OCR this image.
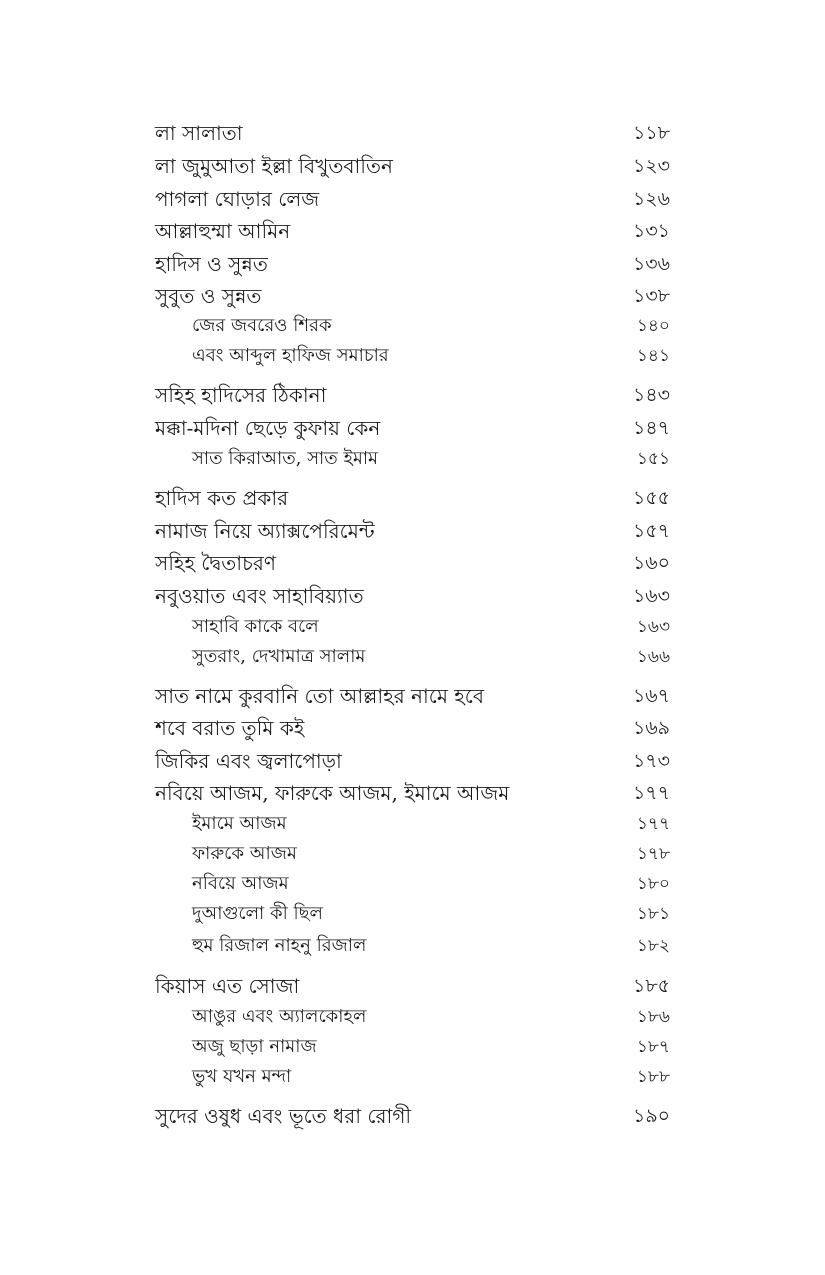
লা সালাতা	১১৮
লা জুমুআতা ইল্লা বিখুতবাতিন	১২৩
পাগলা ঘোড়ার লেজ	১২৬
আল্লাহুম্মা আমিন	১৩১
হাদিস ও সুন্নত	১৩৬
সুবুত ও সুন্নত	১৩৮
জের জবরেও শিরক	১৪০
এবং আব্দুল হাফিজ সমাচার	১৪১
সহিহ হাদিসের ঠিকানা	১৪৩
মক্কা-মদিনা ছেড়ে কুফায় কেন	১৪৭
সাত কিরাআত, সাত ইমাম	১৫১
হাদিস কত প্রকার	১৫৫
নামাজ নিয়ে অ্যাক্সপেরিমেন্ট	১৫৭
সহিহ দ্বৈতাচরণ	১৬০
নবুওয়াত এবং সাহাবিয়্যাত	১৬৩
সাহাবি কাকে বলে	১৬৩
সুতরাং, দেখামাত্র সালাম	১৬৬
সাত নামে কুরবানি তো আল্লাহর নামে হবে	১৬৭
শবে বরাত তুমি কই	১৬৯
জিকির এবং জ্বলাপোড়া	১৭৩
নবিয়ে আজম, ফারুকে আজম, ইমামে আজম	১৭৭
ইমামে আজম	১৭৭
ফারুকে আজম	১৭৮
নবিয়ে আজম	১৮০
দুআগুলো কী ছিল	১৮১
হুম রিজাল নাহনু রিজাল	১৮২
কিয়াস এত সোজা	১৮৫
আঙুর এবং অ্যালকোহল	১৮৬
অজু ছাড়া নামাজ	১৮৭
ভুখ যখন মন্দা	১৮৮
সুদের ওষুধ এবং ভূতে ধরা রোগী	১৯০
